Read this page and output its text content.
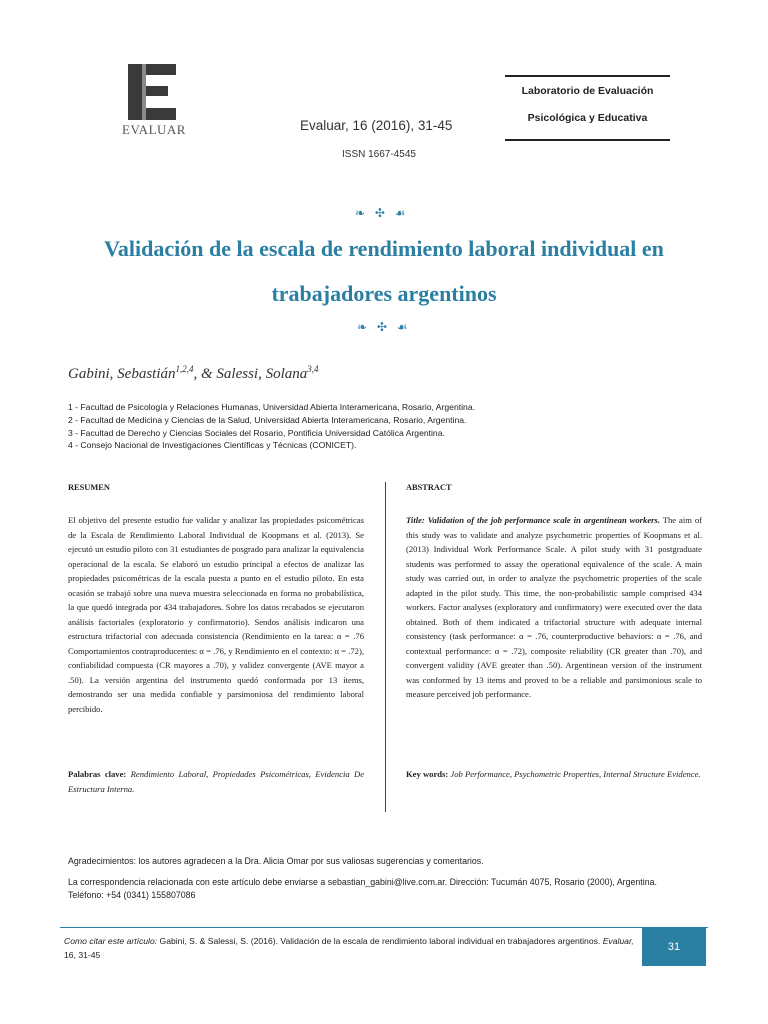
EVALUAR	Evaluar, 16 (2016), 31-45
ISSN 1667-4545
Laboratorio de Evaluación
Psicológica y Educativa
❧ ✣ ☙
Validación de la escala de rendimiento laboral individual en
trabajadores argentinos
❧ ✣ ☙
Gabini, Sebastián$^{1,2,4}$, & Salessi, Solana$^{3,4}$
1 - Facultad de Psicología y Relaciones Humanas, Universidad Abierta Interamericana, Rosario, Argentina.
2 - Facultad de Medicina y Ciencias de la Salud, Universidad Abierta Interamericana, Rosario, Argentina.
3 - Facultad de Derecho y Ciencias Sociales del Rosario, Pontificia Universidad Católica Argentina.
4 - Consejo Nacional de Investigaciones Científicas y Técnicas (CONICET).
RESUMEN
El objetivo del presente estudio fue validar y analizar las propiedades psicométricas de la Escala de Rendimiento Laboral Individual de Koopmans et al. (2013). Se ejecutó un estudio piloto con 31 estudiantes de posgrado para analizar la equivalencia operacional de la escala. Se elaboró un estudio principal a efectos de analizar las propiedades psicométricas de la escala puesta a punto en el estudio piloto. En esta ocasión se trabajó sobre una nueva muestra seleccionada en forma no probabilística, la que quedó integrada por 434 trabajadores. Sobre los datos recabados se ejecutaron análisis factoriales (exploratorio y confirmatorio). Sendos análisis indicaron una estructura trifactorial con adecuada consistencia (Rendimiento en la tarea: α = .76 Comportamientos contraproducentes: α = .76, y Rendimiento en el contexto: α = .72), confiabilidad compuesta (CR mayores a .70), y validez convergente (AVE mayor a .50). La versión argentina del instrumento quedó conformada por 13 ítems, demostrando ser una medida confiable y parsimoniosa del rendimiento laboral percibido.
Palabras clave: Rendimiento Laboral, Propiedades Psicométricas, Evidencia De Estructura Interna.
ABSTRACT
Title: Validation of the job performance scale in argentinean workers. The aim of this study was to validate and analyze psychometric properties of Koopmans et al. (2013) Individual Work Performance Scale. A pilot study with 31 postgraduate students was performed to assay the operational equivalence of the scale. A main study was carried out, in order to analyze the psychometric properties of the scale adapted in the pilot study. This time, the non-probabilistic sample comprised 434 workers. Factor analyses (exploratory and confirmatory) were executed over the data obtained. Both of them indicated a trifactorial structure with adequate internal consistency (task performance: α = .76, counterproductive behaviors: α = .76, and contextual performance: α = .72), composite reliability (CR greater than .70), and convergent validity (AVE greater than .50). Argentinean version of the instrument was conformed by 13 items and proved to be a reliable and parsimonious scale to measure perceived job performance.
Key words: Job Performance, Psychometric Properties, Internal Structure Evidence.
Agradecimientos: los autores agradecen a la Dra. Alicia Omar por sus valiosas sugerencias y comentarios.
La correspondencia relacionada con este artículo debe enviarse a sebastian_gabini@live.com.ar. Dirección: Tucumán 4075, Rosario (2000), Argentina. Teléfono: +54 (0341) 155807086
Como citar este artículo: Gabini, S. & Salessi, S. (2016). Validación de la escala de rendimiento laboral individual en trabajadores argentinos. Evaluar, 16, 31-45
31
